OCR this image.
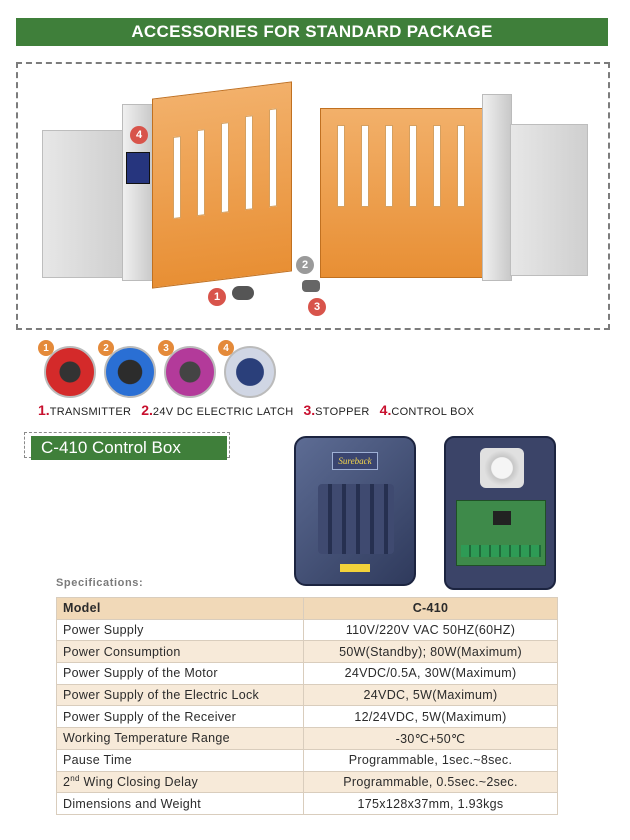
ACCESSORIES FOR STANDARD PACKAGE
4
2
1
3
1	2	3	4
1 . TRANSMITTER 2 . 24V DC ELECTRIC LATCH 3 . STOPPER 4 . CONTROL BOX
C-410 Control Box
Sureback
Specifications:
Model	C-410
Power Supply	110V/220V VAC 50HZ(60HZ)
Power Consumption	50W(Standby); 80W(Maximum)
Power Supply of the Motor	24VDC/0.5A, 30W(Maximum)
Power Supply of the Electric Lock	24VDC, 5W(Maximum)
Power Supply of the Receiver	12/24VDC, 5W(Maximum)
Working Temperature Range	-30℃+50℃
Pause Time	Programmable, 1sec.~8sec.
2nd Wing Closing Delay	Programmable, 0.5sec.~2sec.
Dimensions and Weight	175x128x37mm, 1.93kgs
